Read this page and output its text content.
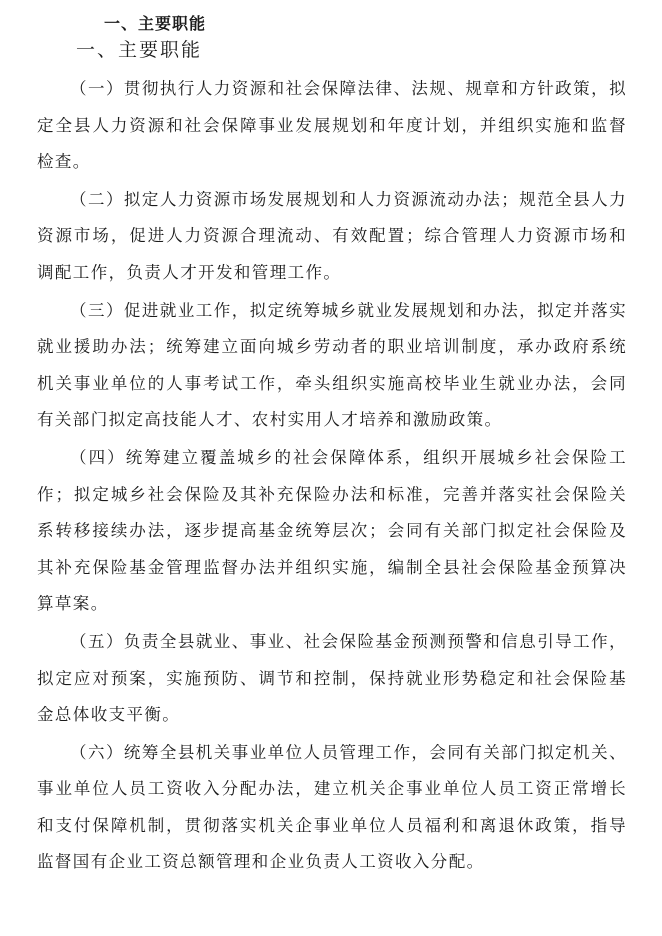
一、主要职能
一、主要职能

（一）贯彻执行人力资源和社会保障法律、法规、规章和方针政策，拟定全县人力资源和社会保障事业发展规划和年度计划，并组织实施和监督检查。

（二）拟定人力资源市场发展规划和人力资源流动办法；规范全县人力资源市场，促进人力资源合理流动、有效配置；综合管理人力资源市场和调配工作，负责人才开发和管理工作。

（三）促进就业工作，拟定统筹城乡就业发展规划和办法，拟定并落实就业援助办法；统筹建立面向城乡劳动者的职业培训制度，承办政府系统机关事业单位的人事考试工作，牵头组织实施高校毕业生就业办法，会同有关部门拟定高技能人才、农村实用人才培养和激励政策。

（四）统筹建立覆盖城乡的社会保障体系，组织开展城乡社会保险工作；拟定城乡社会保险及其补充保险办法和标准，完善并落实社会保险关系转移接续办法，逐步提高基金统筹层次；会同有关部门拟定社会保险及其补充保险基金管理监督办法并组织实施，编制全县社会保险基金预算决算草案。

（五）负责全县就业、事业、社会保险基金预测预警和信息引导工作，拟定应对预案，实施预防、调节和控制，保持就业形势稳定和社会保险基金总体收支平衡。

（六）统筹全县机关事业单位人员管理工作，会同有关部门拟定机关、事业单位人员工资收入分配办法，建立机关企事业单位人员工资正常增长和支付保障机制，贯彻落实机关企事业单位人员福利和离退休政策，指导监督国有企业工资总额管理和企业负责人工资收入分配。
